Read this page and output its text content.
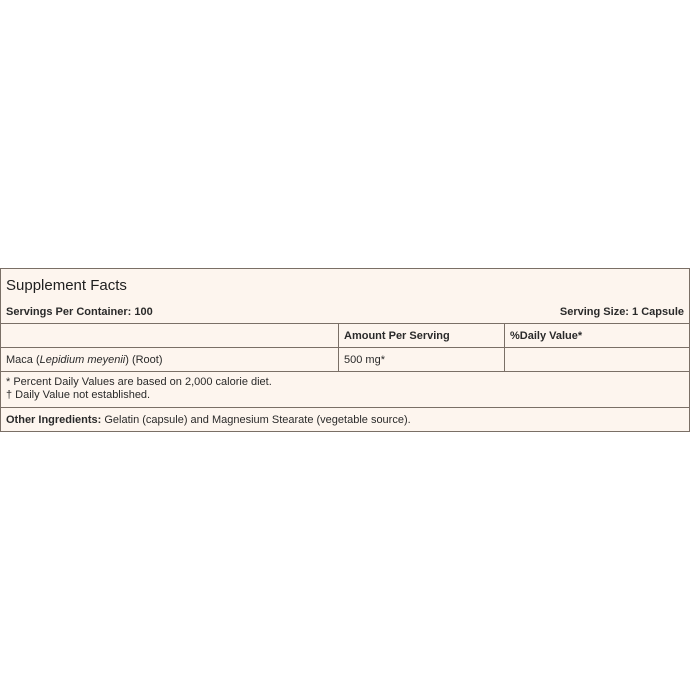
Supplement Facts
Servings Per Container: 100	Serving Size: 1 Capsule
	Amount Per Serving	%Daily Value*
Maca (Lepidium meyenii) (Root)	500 mg*	
* Percent Daily Values are based on 2,000 calorie diet.
† Daily Value not established.
Other Ingredients: Gelatin (capsule) and Magnesium Stearate (vegetable source).
